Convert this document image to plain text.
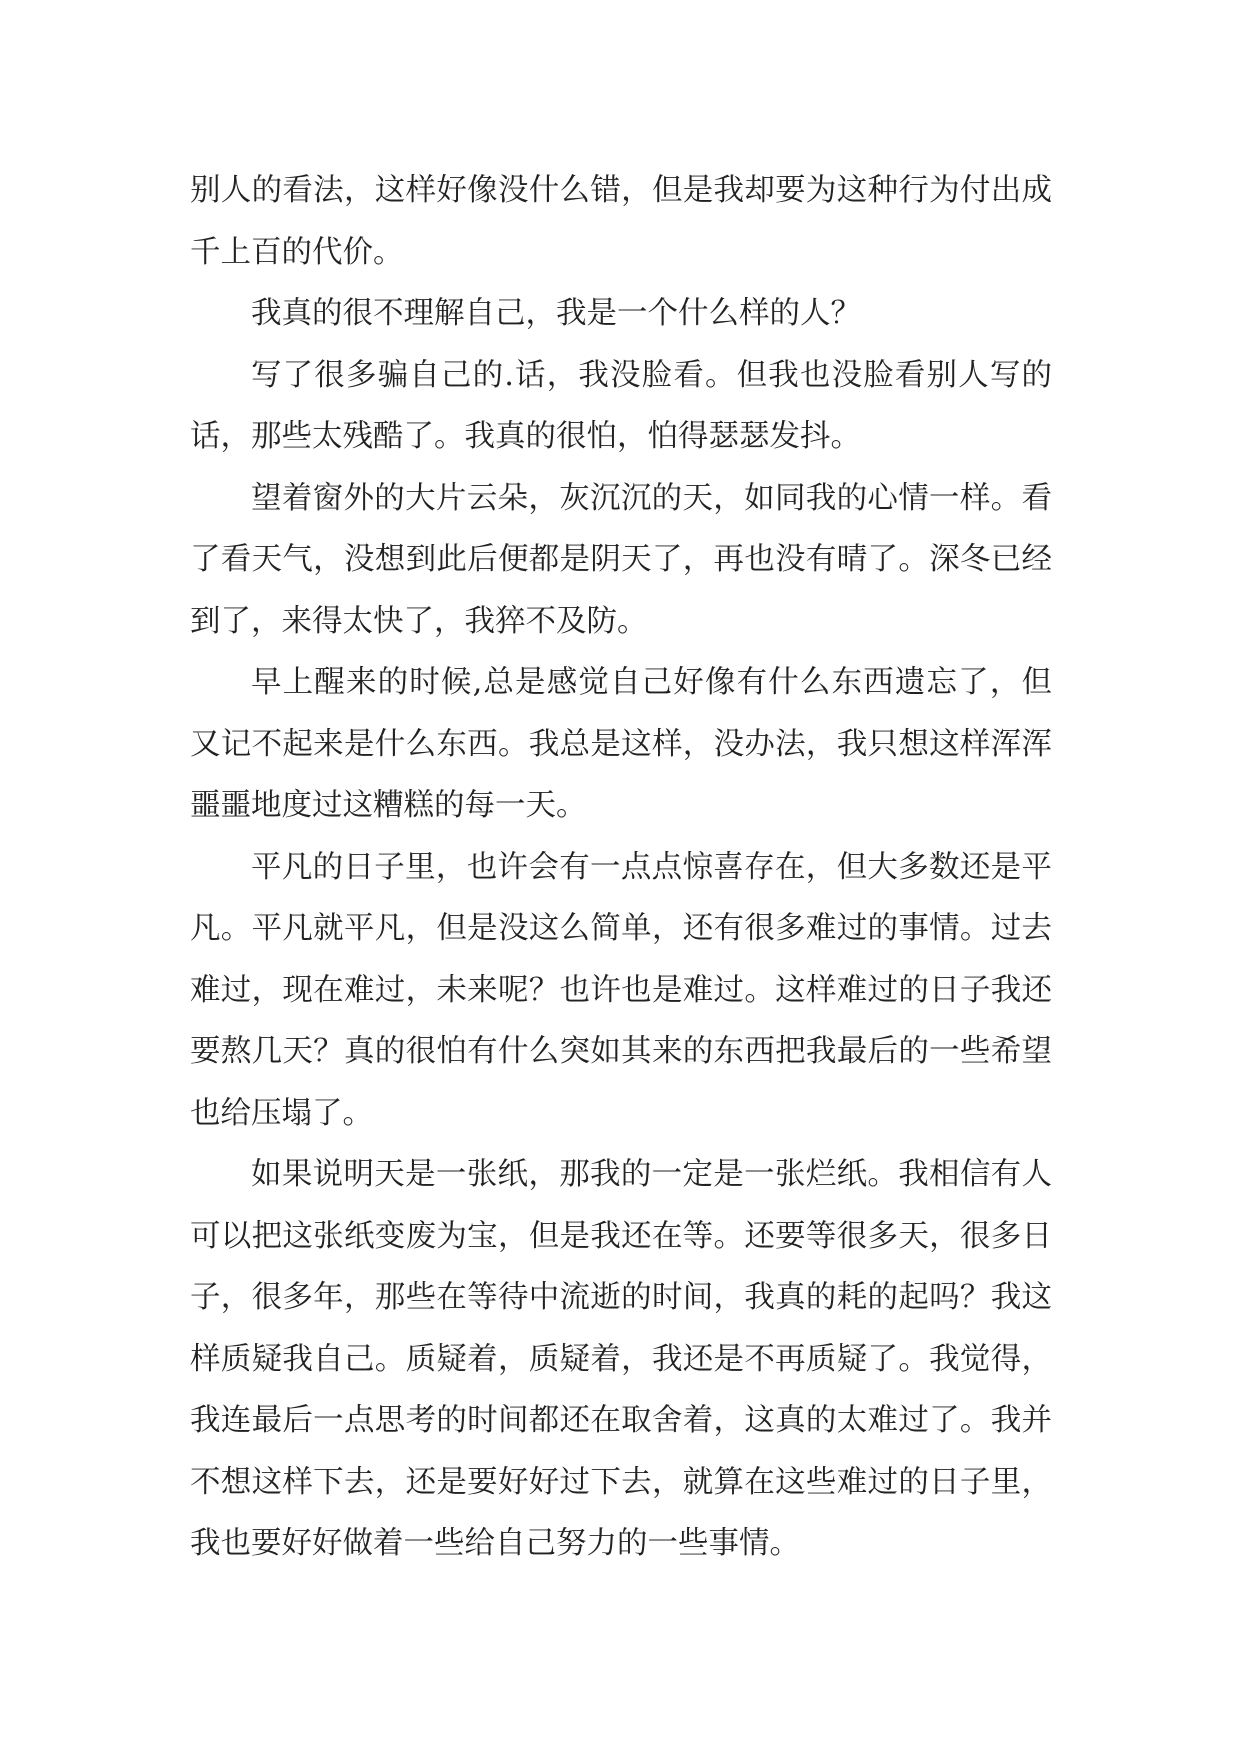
别人的看法，这样好像没什么错，但是我却要为这种行为付出成千上百的代价。

我真的很不理解自己，我是一个什么样的人？

写了很多骗自己的.话，我没脸看。但我也没脸看别人写的话，那些太残酷了。我真的很怕，怕得瑟瑟发抖。

望着窗外的大片云朵，灰沉沉的天，如同我的心情一样。看了看天气，没想到此后便都是阴天了，再也没有晴了。深冬已经到了，来得太快了，我猝不及防。

早上醒来的时候,总是感觉自己好像有什么东西遗忘了，但又记不起来是什么东西。我总是这样，没办法，我只想这样浑浑噩噩地度过这糟糕的每一天。

平凡的日子里，也许会有一点点惊喜存在，但大多数还是平凡。平凡就平凡，但是没这么简单，还有很多难过的事情。过去难过，现在难过，未来呢？也许也是难过。这样难过的日子我还要熬几天？真的很怕有什么突如其来的东西把我最后的一些希望也给压塌了。

如果说明天是一张纸，那我的一定是一张烂纸。我相信有人可以把这张纸变废为宝，但是我还在等。还要等很多天，很多日子，很多年，那些在等待中流逝的时间，我真的耗的起吗？我这样质疑我自己。质疑着，质疑着，我还是不再质疑了。我觉得，我连最后一点思考的时间都还在取舍着，这真的太难过了。我并不想这样下去，还是要好好过下去，就算在这些难过的日子里，我也要好好做着一些给自己努力的一些事情。
